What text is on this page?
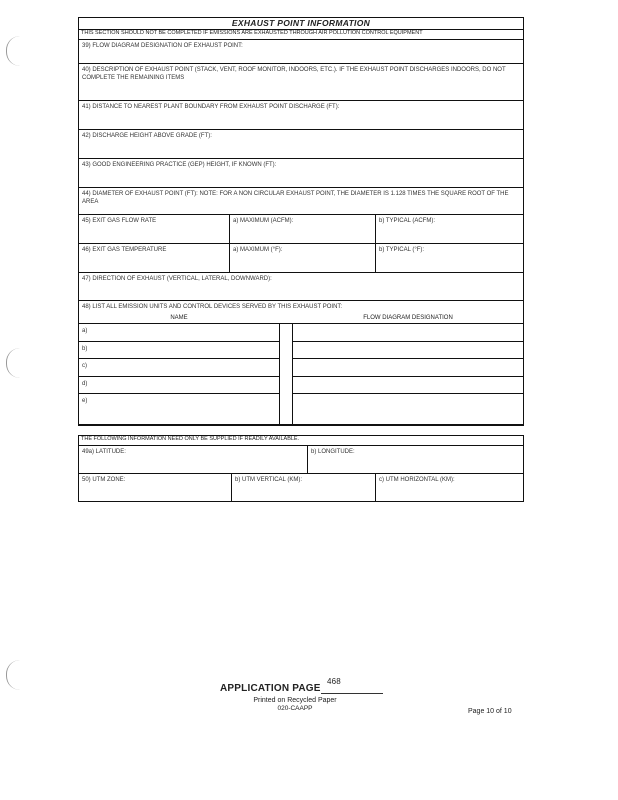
EXHAUST POINT INFORMATION
THIS SECTION SHOULD NOT BE COMPLETED IF EMISSIONS ARE EXHAUSTED THROUGH AIR POLLUTION CONTROL EQUIPMENT
39) FLOW DIAGRAM DESIGNATION OF EXHAUST POINT:
40) DESCRIPTION OF EXHAUST POINT (STACK, VENT, ROOF MONITOR, INDOORS, ETC.). IF THE EXHAUST POINT DISCHARGES INDOORS, DO NOT COMPLETE THE REMAINING ITEMS
41) DISTANCE TO NEAREST PLANT BOUNDARY FROM EXHAUST POINT DISCHARGE (FT):
42) DISCHARGE HEIGHT ABOVE GRADE (FT):
43) GOOD ENGINEERING PRACTICE (GEP) HEIGHT, IF KNOWN (FT):
44) DIAMETER OF EXHAUST POINT (FT): NOTE: FOR A NON CIRCULAR EXHAUST POINT, THE DIAMETER IS 1.128 TIMES THE SQUARE ROOT OF THE AREA
45) EXIT GAS FLOW RATE	a) MAXIMUM (ACFM):	b) TYPICAL (ACFM):
46) EXIT GAS TEMPERATURE	a) MAXIMUM (°F):	b) TYPICAL (°F):
47) DIRECTION OF EXHAUST (VERTICAL, LATERAL, DOWNWARD):
48) LIST ALL EMISSION UNITS AND CONTROL DEVICES SERVED BY THIS EXHAUST POINT:
NAME	FLOW DIAGRAM DESIGNATION
a)
b)
c)
d)
e)
THE FOLLOWING INFORMATION NEED ONLY BE SUPPLIED IF READILY AVAILABLE.
49a) LATITUDE:	b) LONGITUDE:
50) UTM ZONE:	b) UTM VERTICAL (KM):	c) UTM HORIZONTAL (KM):
APPLICATION PAGE
468
Printed on Recycled Paper
020-CAAPP	Page 10 of 10
